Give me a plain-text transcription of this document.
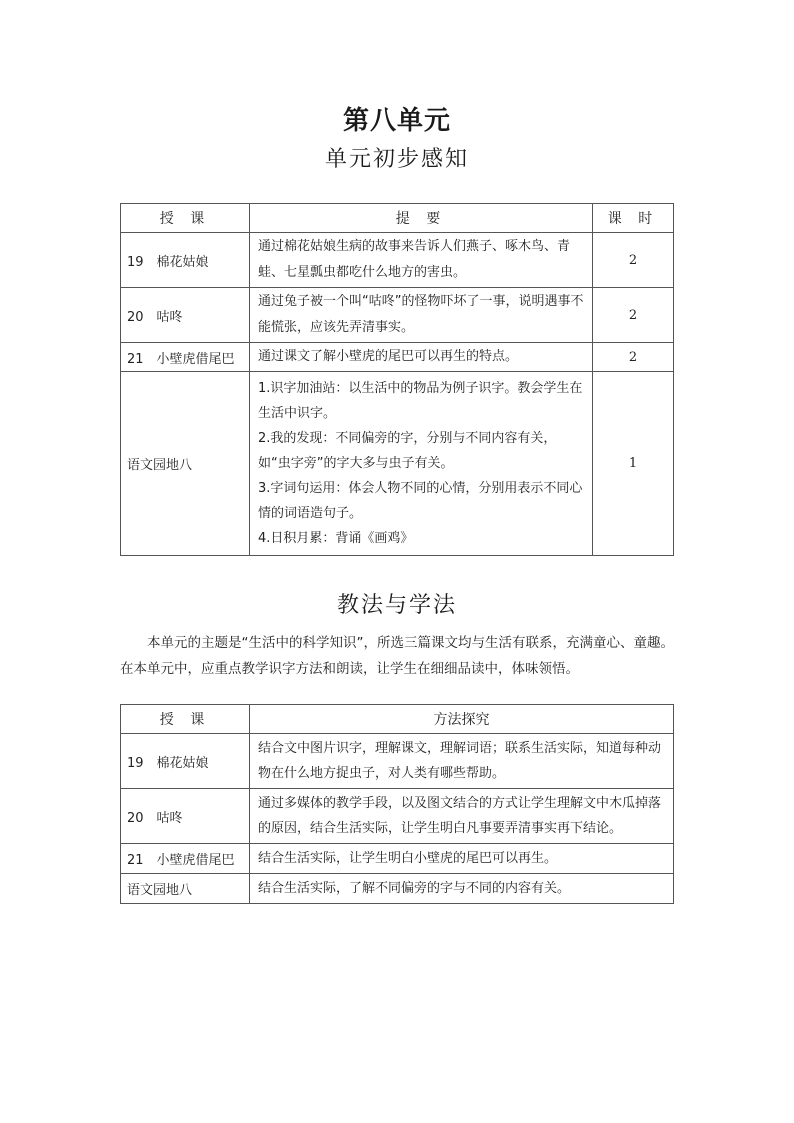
第八单元
单元初步感知
授 课	提 要	课 时
19　棉花姑娘	通过棉花姑娘生病的故事来告诉人们燕子、啄木鸟、青蛙、七星瓢虫都吃什么地方的害虫。	2
20　咕咚	通过兔子被一个叫“咕咚”的怪物吓坏了一事，说明遇事不能慌张，应该先弄清事实。	2
21　小壁虎借尾巴	通过课文了解小壁虎的尾巴可以再生的特点。	2
语文园地八	1.识字加油站：以生活中的物品为例子识字。教会学生在生活中识字。
2.我的发现：不同偏旁的字，分别与不同内容有关，如“虫字旁”的字大多与虫子有关。
3.字词句运用：体会人物不同的心情，分别用表示不同心情的词语造句子。
4.日积月累：背诵《画鸡》	1
教法与学法
本单元的主题是“生活中的科学知识”，所选三篇课文均与生活有联系，充满童心、童趣。在本单元中，应重点教学识字方法和朗读，让学生在细细品读中，体味领悟。
授 课	方法探究
19　棉花姑娘	结合文中图片识字，理解课文，理解词语；联系生活实际，知道每种动物在什么地方捉虫子，对人类有哪些帮助。
20　咕咚	通过多媒体的教学手段，以及图文结合的方式让学生理解文中木瓜掉落的原因，结合生活实际，让学生明白凡事要弄清事实再下结论。
21　小壁虎借尾巴	结合生活实际，让学生明白小壁虎的尾巴可以再生。
语文园地八	结合生活实际，了解不同偏旁的字与不同的内容有关。
